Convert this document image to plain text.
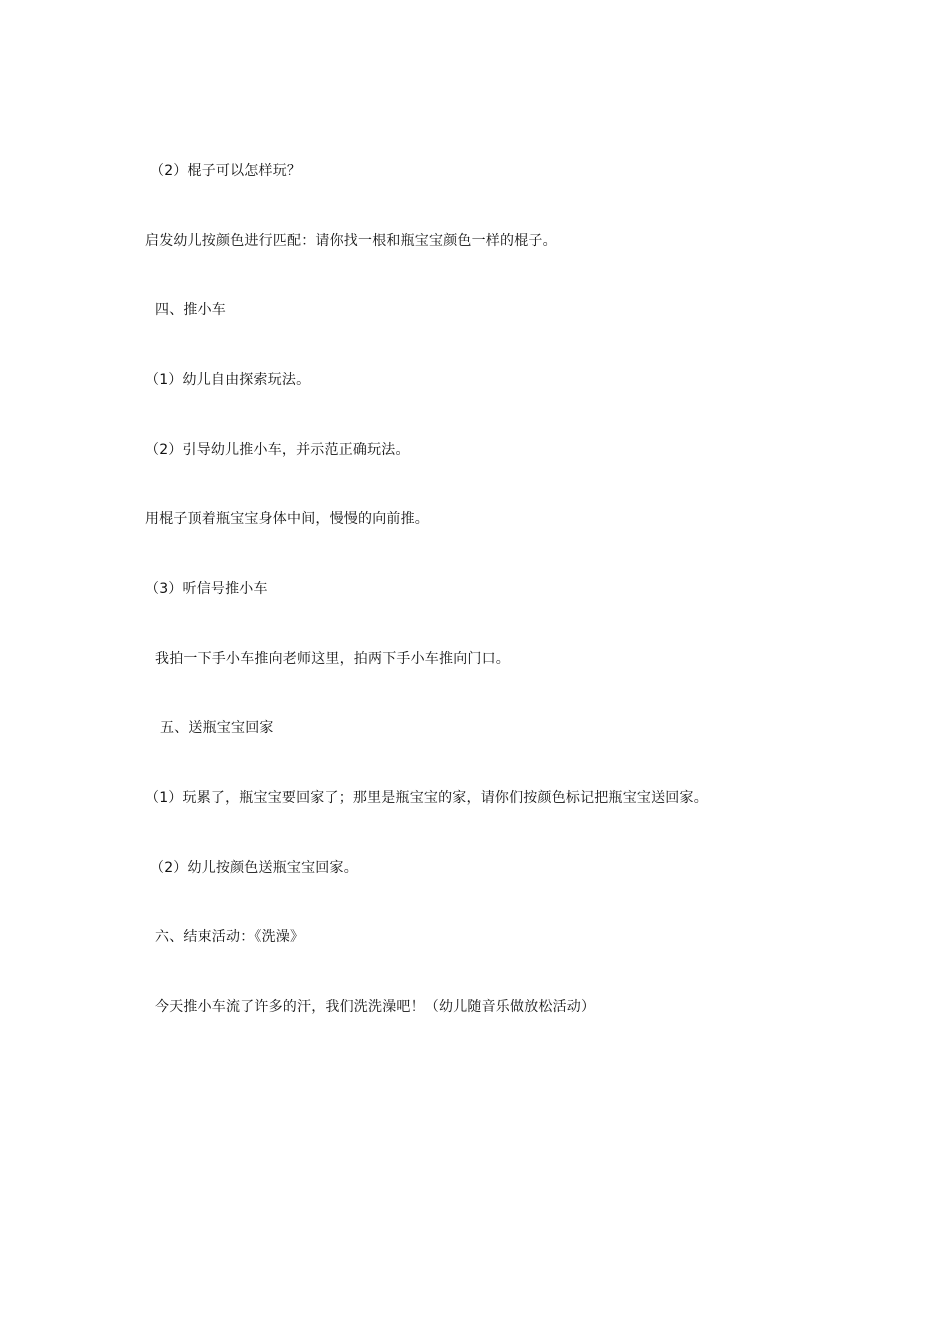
（2）棍子可以怎样玩？
启发幼儿按颜色进行匹配：请你找一根和瓶宝宝颜色一样的棍子。
四、推小车
（1）幼儿自由探索玩法。
（2）引导幼儿推小车，并示范正确玩法。
用棍子顶着瓶宝宝身体中间，慢慢的向前推。
（3）听信号推小车
我拍一下手小车推向老师这里，拍两下手小车推向门口。
五、送瓶宝宝回家
（1）玩累了，瓶宝宝要回家了；那里是瓶宝宝的家，请你们按颜色标记把瓶宝宝送回家。
（2）幼儿按颜色送瓶宝宝回家。
六、结束活动：《洗澡》
今天推小车流了许多的汗，我们洗洗澡吧！（幼儿随音乐做放松活动）
